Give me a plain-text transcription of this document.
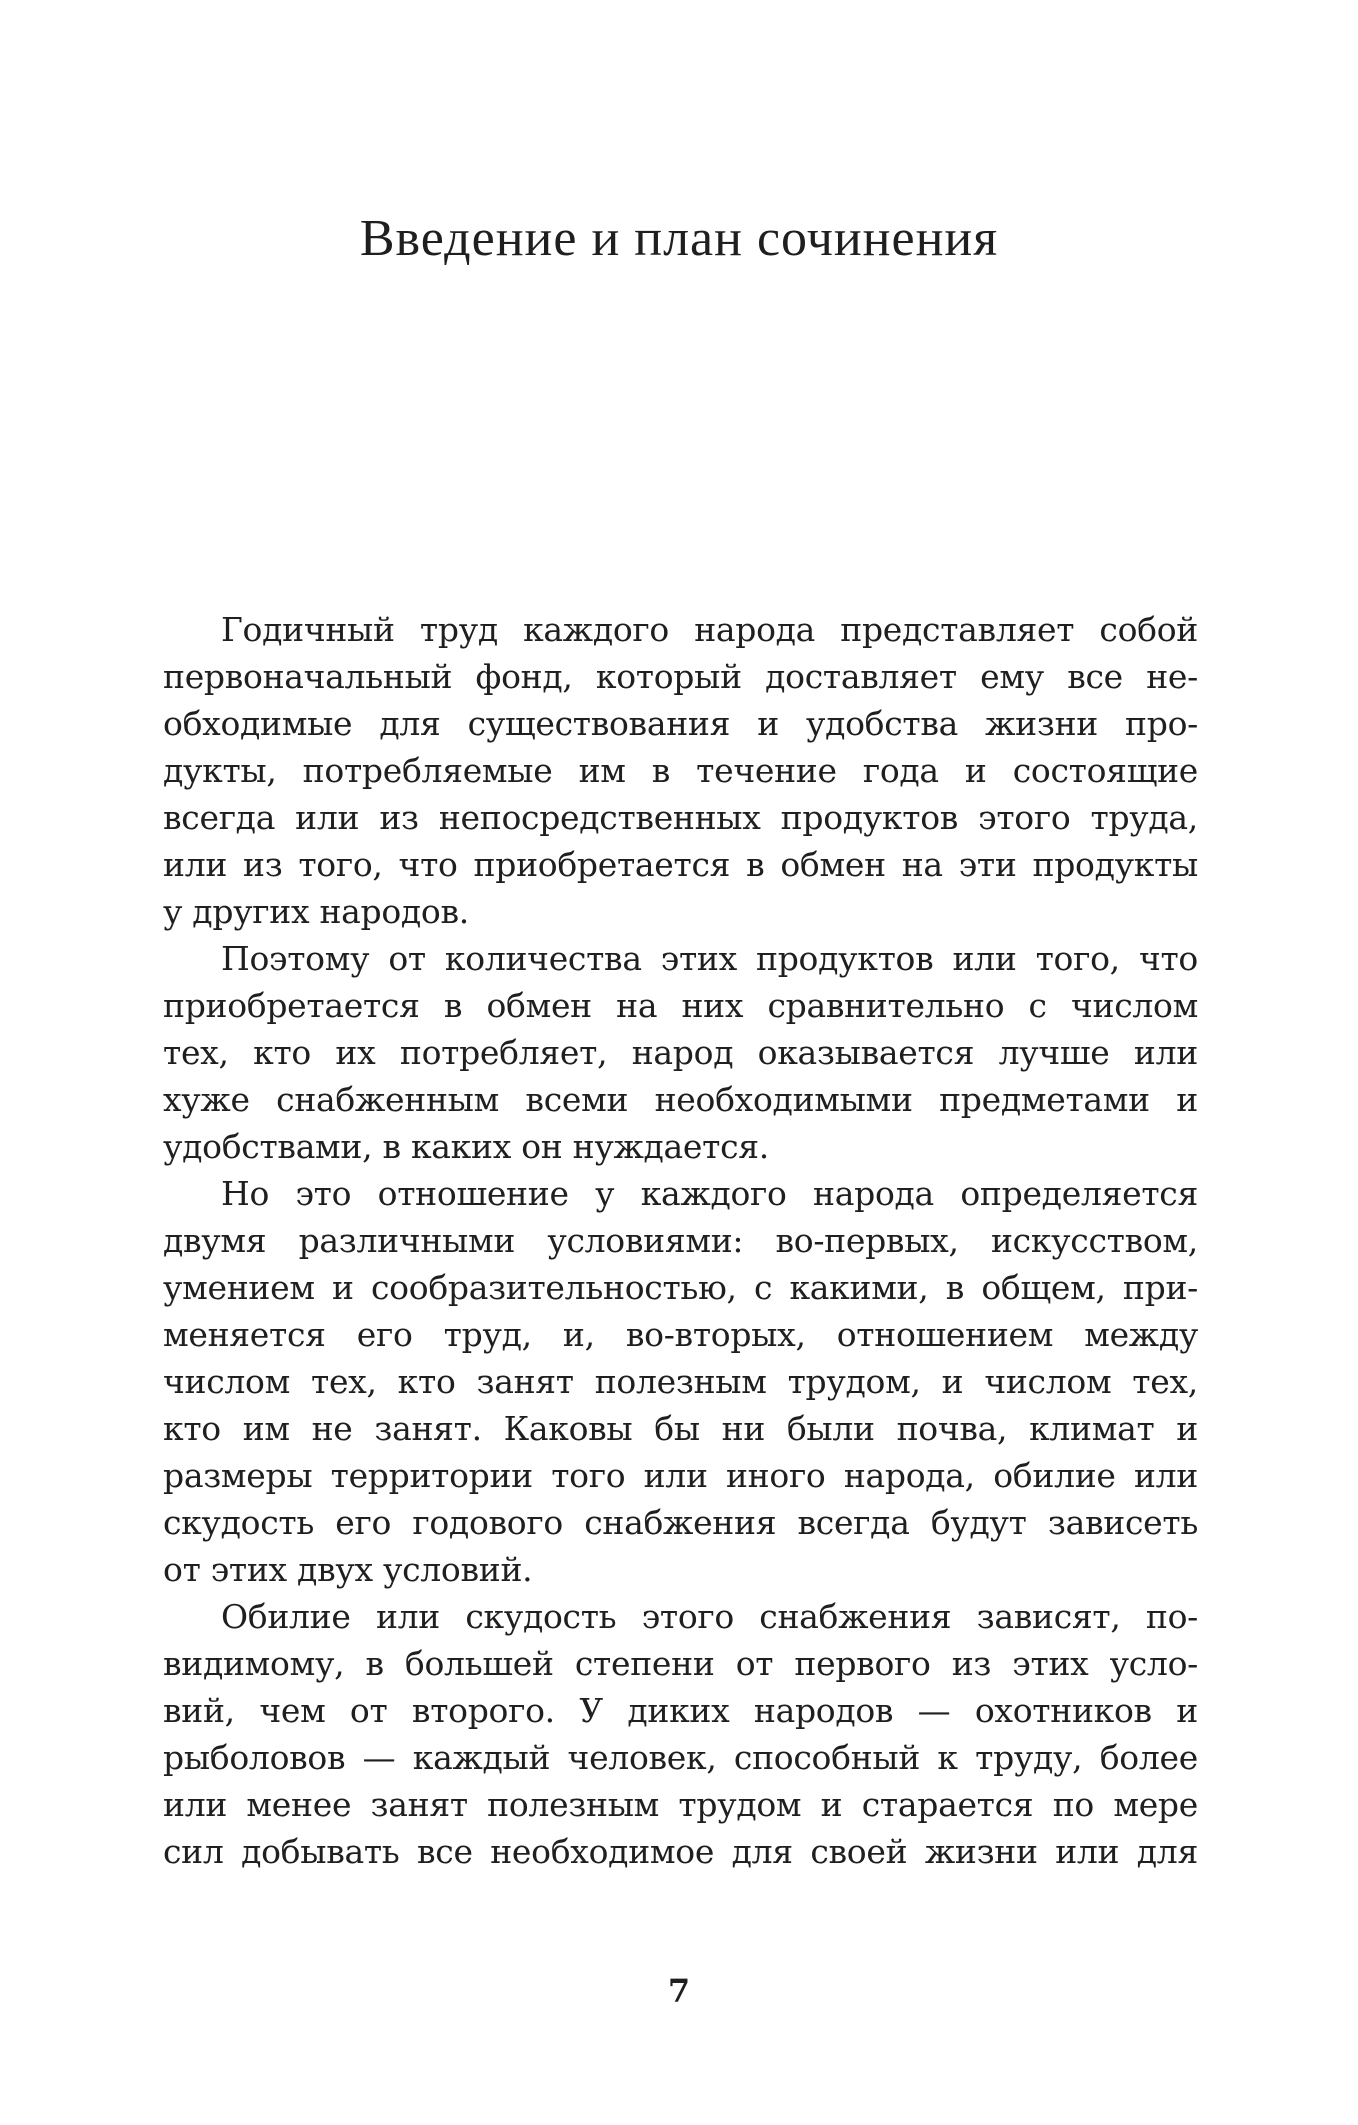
Введение и план сочинения
Годичный труд каждого народа представляет собой
первоначальный фонд, который доставляет ему все не-
обходимые для существования и удобства жизни про-
дукты, потребляемые им в течение года и состоящие
всегда или из непосредственных продуктов этого труда,
или из того, что приобретается в обмен на эти продукты
у других народов.
Поэтому от количества этих продуктов или того, что
приобретается в обмен на них сравнительно с числом
тех, кто их потребляет, народ оказывается лучше или
хуже снабженным всеми необходимыми предметами и
удобствами, в каких он нуждается.
Но это отношение у каждого народа определяется
двумя различными условиями: во-первых, искусством,
умением и сообразительностью, с какими, в общем, при-
меняется его труд, и, во-вторых, отношением между
числом тех, кто занят полезным трудом, и числом тех,
кто им не занят. Каковы бы ни были почва, климат и
размеры территории того или иного народа, обилие или
скудость его годового снабжения всегда будут зависеть
от этих двух условий.
Обилие или скудость этого снабжения зависят, по-
видимому, в большей степени от первого из этих усло-
вий, чем от второго. У диких народов — охотников и
рыболовов — каждый человек, способный к труду, более
или менее занят полезным трудом и старается по мере
сил добывать все необходимое для своей жизни или для

7
